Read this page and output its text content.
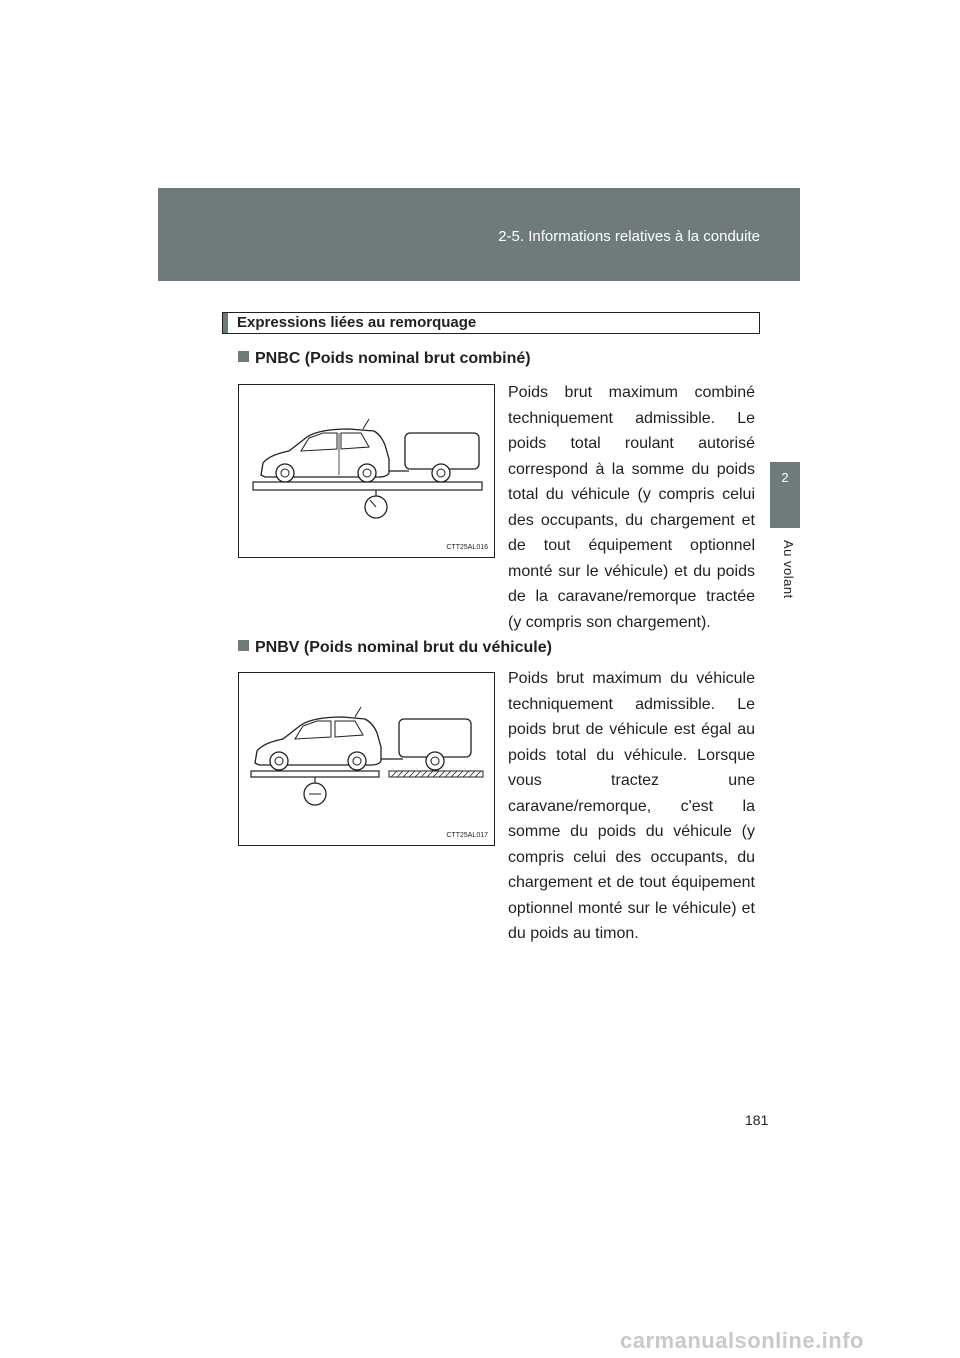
2-5. Informations relatives à la conduite
2
Au volant
Expressions liées au remorquage
PNBC (Poids nominal brut combiné)
CTT25AL016
Poids brut maximum combiné techniquement admissible. Le poids total roulant autorisé correspond à la somme du poids total du véhicule (y compris celui des occupants, du chargement et de tout équipement optionnel monté sur le véhicule) et du poids de la caravane/remorque tractée (y compris son chargement).
PNBV (Poids nominal brut du véhicule)
CTT25AL017
Poids brut maximum du véhicule techniquement admissible. Le poids brut de véhicule est égal au poids total du véhicule. Lorsque vous tractez une caravane/remorque, c'est la somme du poids du véhicule (y compris celui des occupants, du chargement et de tout équipement optionnel monté sur le véhicule) et du poids au timon.
181
carmanualsonline.info
